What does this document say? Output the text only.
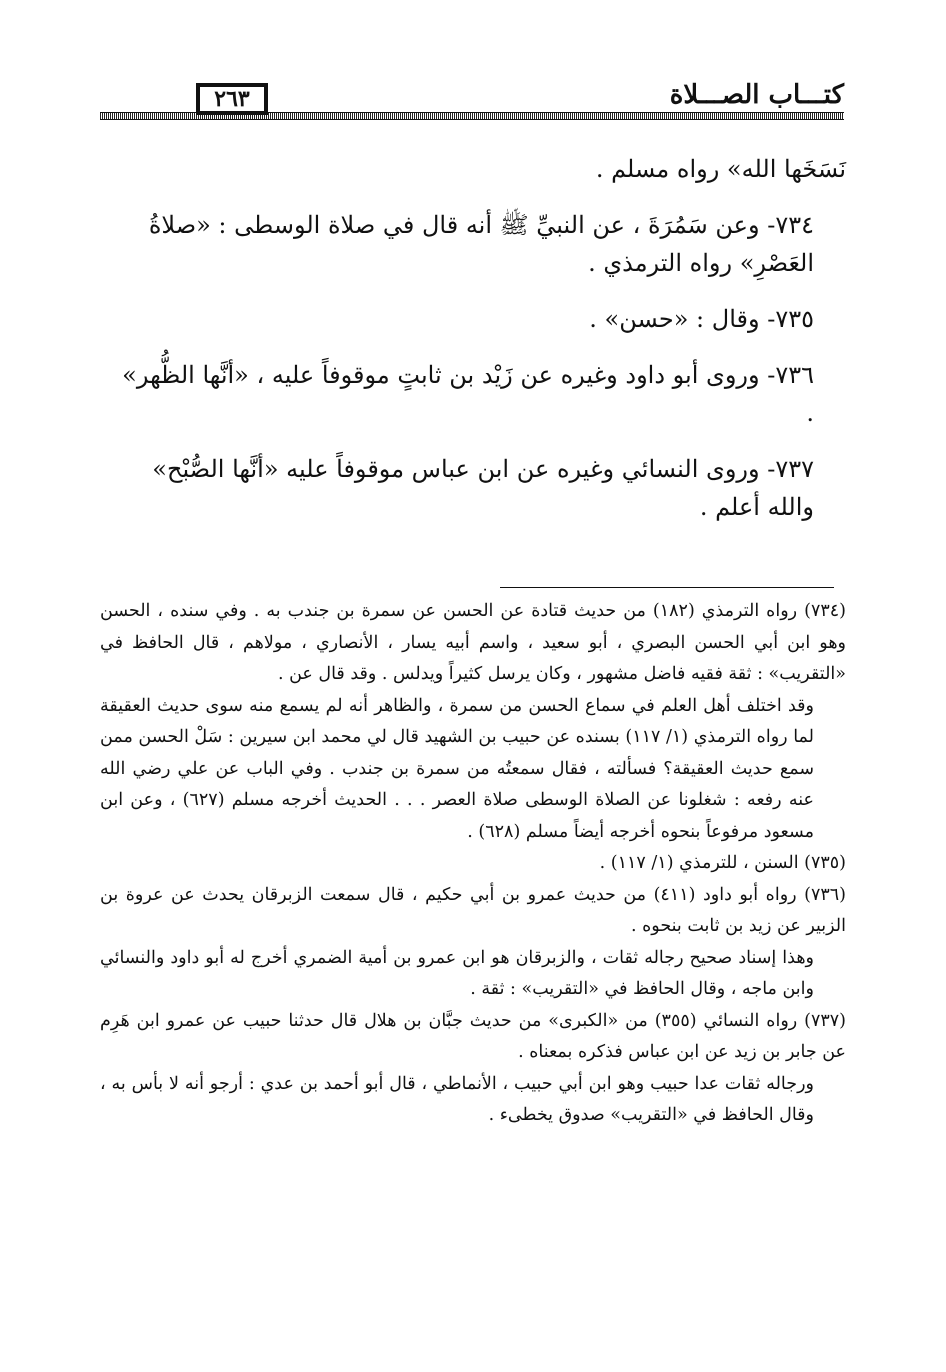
٢٦٣	كتـــاب الصـــلاة

نَسَخَها الله» رواه مسلم .

٧٣٤- وعن سَمُرَةَ ، عن النبيِّ ﷺ أنه قال في صلاة الوسطى : «صلاةُ العَصْرِ» رواه الترمذي .

٧٣٥- وقال : «حسن» .

٧٣٦- وروى أبو داود وغيره عن زَيْد بن ثابتٍ موقوفاً عليه ، «أنَّها الظُّهر» .

٧٣٧- وروى النسائي وغيره عن ابن عباس موقوفاً عليه «أنَّها الصُّبْح» والله أعلم .

(٧٣٤) رواه الترمذي (١٨٢) من حديث قتادة عن الحسن عن سمرة بن جندب به . وفي سنده ، الحسن وهو ابن أبي الحسن البصري ، أبو سعيد ، واسم أبيه يسار ، الأنصاري ، مولاهم ، قال الحافظ في «التقريب» : ثقة فقيه فاضل مشهور ، وكان يرسل كثيراً ويدلس . وقد قال عن .

وقد اختلف أهل العلم في سماع الحسن من سمرة ، والظاهر أنه لم يسمع منه سوى حديث العقيقة لما رواه الترمذي (١/ ١١٧) بسنده عن حبيب بن الشهيد قال لي محمد ابن سيرين : سَلْ الحسن ممن سمع حديث العقيقة؟ فسألته ، فقال سمعتُه من سمرة بن جندب . وفي الباب عن علي رضي الله عنه رفعه : شغلونا عن الصلاة الوسطى صلاة العصر . . . الحديث أخرجه مسلم (٦٢٧) ، وعن ابن مسعود مرفوعاً بنحوه أخرجه أيضاً مسلم (٦٢٨) .

(٧٣٥) السنن ، للترمذي (١/ ١١٧) .

(٧٣٦) رواه أبو داود (٤١١) من حديث عمرو بن أبي حكيم ، قال سمعت الزبرقان يحدث عن عروة بن الزبير عن زيد بن ثابت بنحوه .

وهذا إسناد صحيح رجاله ثقات ، والزبرقان هو ابن عمرو بن أمية الضمري أخرج له أبو داود والنسائي وابن ماجه ، وقال الحافظ في «التقريب» : ثقة .

(٧٣٧) رواه النسائي (٣٥٥) من «الكبرى» من حديث جبَّان بن هلال قال حدثنا حبيب عن عمرو ابن هَرِم عن جابر بن زيد عن ابن عباس فذكره بمعناه .

ورجاله ثقات عدا حبيب وهو ابن أبي حبيب ، الأنماطي ، قال أبو أحمد بن عدي : أرجو أنه لا بأس به ، وقال الحافظ في «التقريب» صدوق يخطىء .
